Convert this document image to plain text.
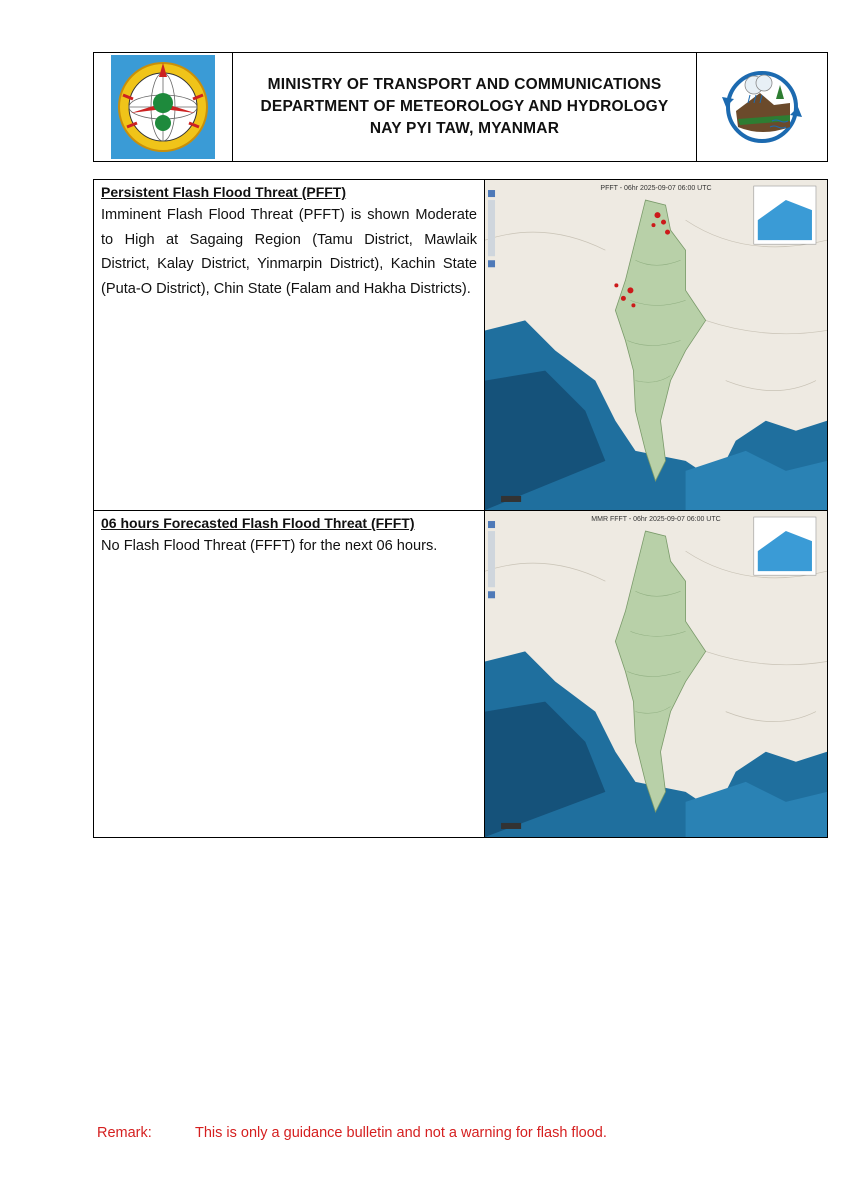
MINISTRY OF TRANSPORT AND COMMUNICATIONS
DEPARTMENT OF METEOROLOGY AND HYDROLOGY
NAY PYI TAW, MYANMAR
Persistent Flash Flood Threat (PFFT)
Imminent Flash Flood Threat (PFFT) is shown Moderate to High at Sagaing Region (Tamu District, Mawlaik District, Kalay District, Yinmarpin District), Kachin State (Puta-O District), Chin State (Falam and Hakha Districts).
PFFT - 06hr 2025-09-07 06:00 UTC
06 hours Forecasted Flash Flood Threat (FFFT)
No Flash Flood Threat (FFFT) for the next 06 hours.
MMR FFFT - 06hr 2025-09-07 06:00 UTC
Remark:	This is only a guidance bulletin and not a warning for flash flood.
